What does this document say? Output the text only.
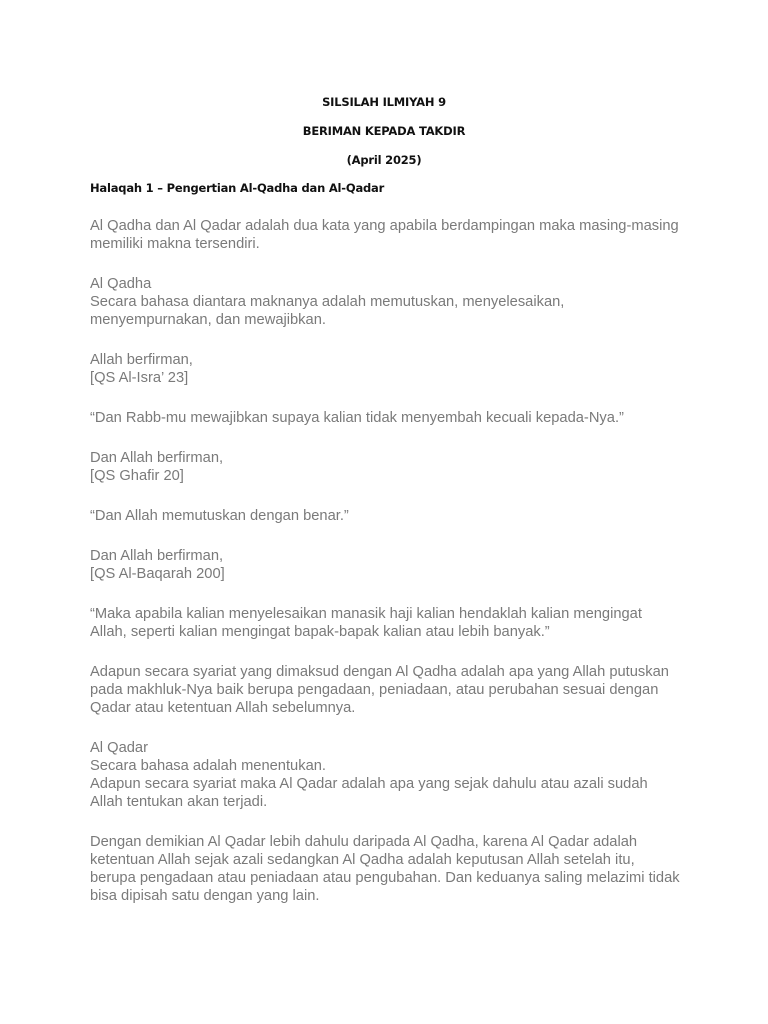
SILSILAH ILMIYAH 9
BERIMAN KEPADA TAKDIR
(April 2025)
Halaqah 1 – Pengertian Al-Qadha dan Al-Qadar

Al Qadha dan Al Qadar adalah dua kata yang apabila berdampingan maka masing-masing memiliki makna tersendiri.

Al Qadha
Secara bahasa diantara maknanya adalah memutuskan, menyelesaikan, menyempurnakan, dan mewajibkan.
Allah berfirman,
[QS Al-Isra’ 23]

“Dan Rabb-mu mewajibkan supaya kalian tidak menyembah kecuali kepada-Nya.”

Dan Allah berfirman,
[QS Ghafir 20]

“Dan Allah memutuskan dengan benar.”

Dan Allah berfirman,
[QS Al-Baqarah 200]

“Maka apabila kalian menyelesaikan manasik haji kalian hendaklah kalian mengingat Allah, seperti kalian mengingat bapak-bapak kalian atau lebih banyak.”

Adapun secara syariat yang dimaksud dengan Al Qadha adalah apa yang Allah putuskan pada makhluk-Nya baik berupa pengadaan, peniadaan, atau perubahan sesuai dengan Qadar atau ketentuan Allah sebelumnya.

Al Qadar
Secara bahasa adalah menentukan.
Adapun secara syariat maka Al Qadar adalah apa yang sejak dahulu atau azali sudah Allah tentukan akan terjadi.

Dengan demikian Al Qadar lebih dahulu daripada Al Qadha, karena Al Qadar adalah ketentuan Allah sejak azali sedangkan Al Qadha adalah keputusan Allah setelah itu, berupa pengadaan atau peniadaan atau pengubahan. Dan keduanya saling melazimi tidak bisa dipisah satu dengan yang lain.
